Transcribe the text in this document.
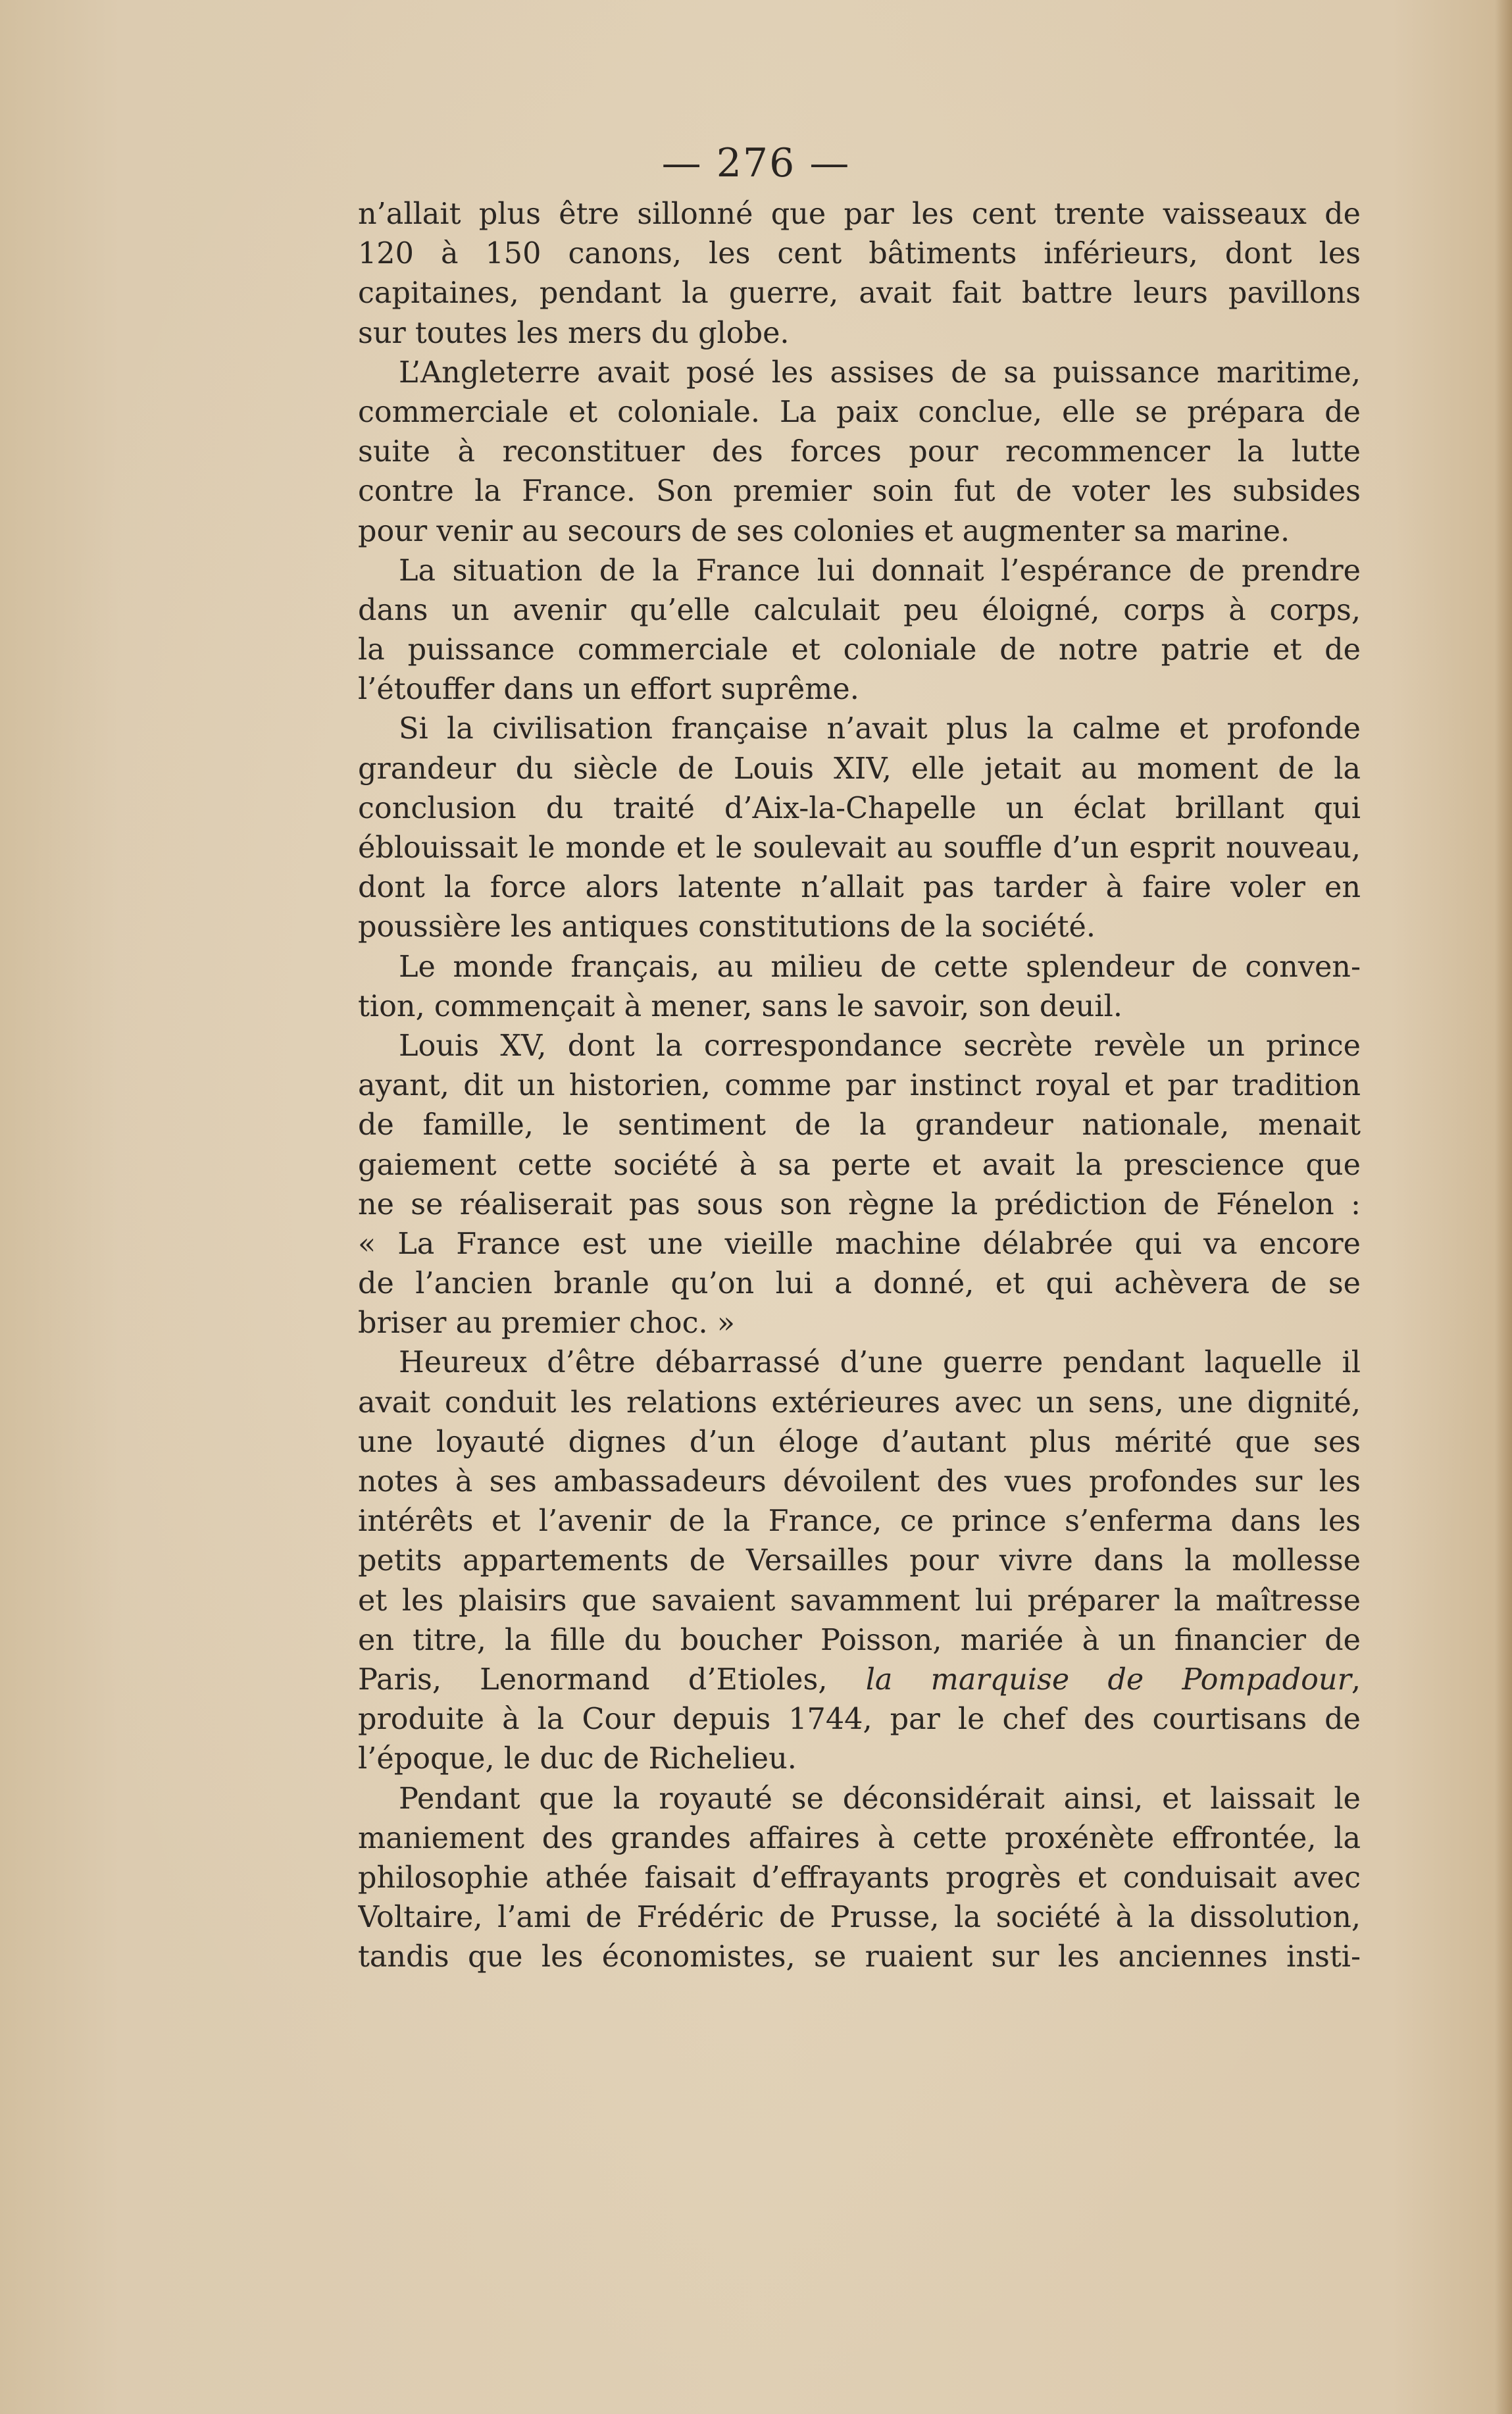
— 276 —
n’allait plus être sillonné que par les cent trente vaisseaux de
120 à 150 canons, les cent bâtiments inférieurs, dont les
capitaines, pendant la guerre, avait fait battre leurs pavillons
sur toutes les mers du globe.
L’Angleterre avait posé les assises de sa puissance maritime,
commerciale et coloniale. La paix conclue, elle se prépara de
suite à reconstituer des forces pour recommencer la lutte
contre la France. Son premier soin fut de voter les subsides
pour venir au secours de ses colonies et augmenter sa marine.
La situation de la France lui donnait l’espérance de prendre
dans un avenir qu’elle calculait peu éloigné, corps à corps,
la puissance commerciale et coloniale de notre patrie et de
l’étouffer dans un effort suprême.
Si la civilisation française n’avait plus la calme et profonde
grandeur du siècle de Louis XIV, elle jetait au moment de la
conclusion du traité d’Aix-la-Chapelle un éclat brillant qui
éblouissait le monde et le soulevait au souffle d’un esprit nouveau,
dont la force alors latente n’allait pas tarder à faire voler en
poussière les antiques constitutions de la société.
Le monde français, au milieu de cette splendeur de conven-
tion, commençait à mener, sans le savoir, son deuil.
Louis XV, dont la correspondance secrète revèle un prince
ayant, dit un historien, comme par instinct royal et par tradition
de famille, le sentiment de la grandeur nationale, menait
gaiement cette société à sa perte et avait la prescience que
ne se réaliserait pas sous son règne la prédiction de Fénelon :
« La France est une vieille machine délabrée qui va encore
de l’ancien branle qu’on lui a donné, et qui achèvera de se
briser au premier choc. »
Heureux d’être débarrassé d’une guerre pendant laquelle il
avait conduit les relations extérieures avec un sens, une dignité,
une loyauté dignes d’un éloge d’autant plus mérité que ses
notes à ses ambassadeurs dévoilent des vues profondes sur les
intérêts et l’avenir de la France, ce prince s’enferma dans les
petits appartements de Versailles pour vivre dans la mollesse
et les plaisirs que savaient savamment lui préparer la maîtresse
en titre, la fille du boucher Poisson, mariée à un financier de
Paris, Lenormand d’Etioles, la marquise de Pompadour,
produite à la Cour depuis 1744, par le chef des courtisans de
l’époque, le duc de Richelieu.
Pendant que la royauté se déconsidérait ainsi, et laissait le
maniement des grandes affaires à cette proxénète effrontée, la
philosophie athée faisait d’effrayants progrès et conduisait avec
Voltaire, l’ami de Frédéric de Prusse, la société à la dissolution,
tandis que les économistes, se ruaient sur les anciennes insti-
